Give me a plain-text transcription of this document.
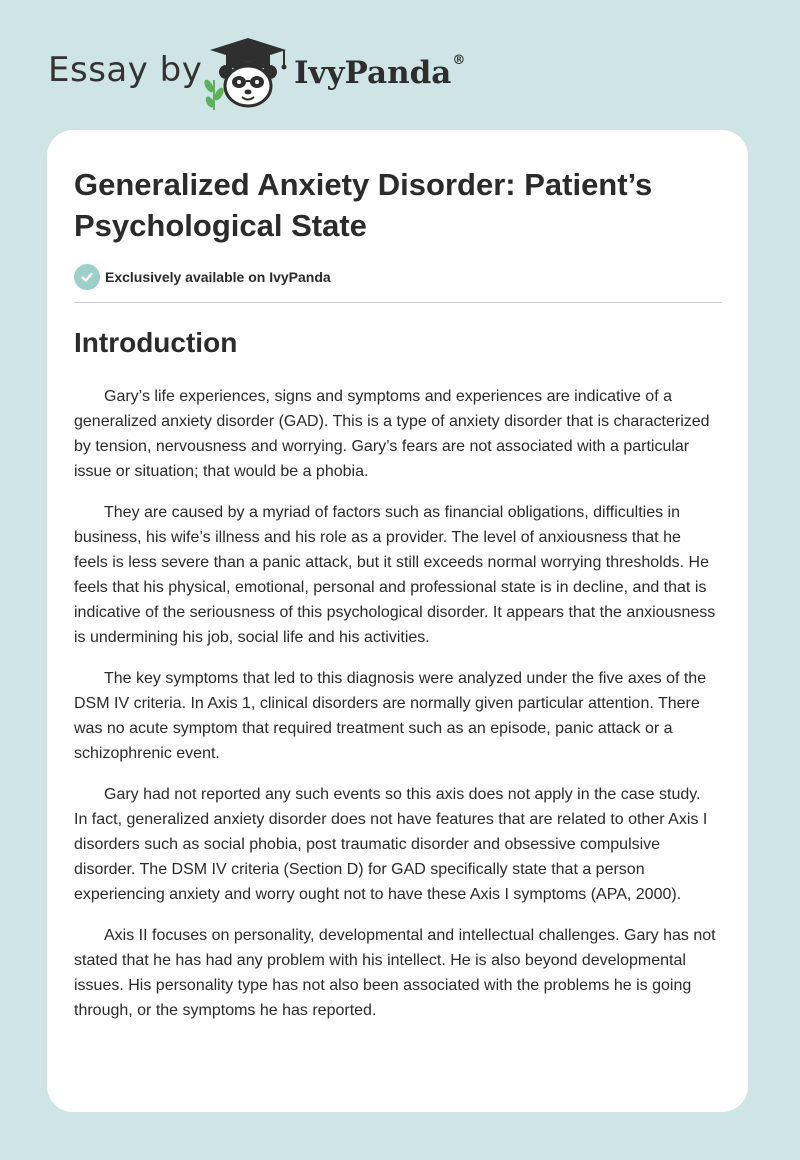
Essay by	IvyPanda®
Generalized Anxiety Disorder: Patient’s Psychological State
Exclusively available on IvyPanda
Introduction

Gary’s life experiences, signs and symptoms and experiences are indicative of a generalized anxiety disorder (GAD). This is a type of anxiety disorder that is characterized by tension, nervousness and worrying. Gary’s fears are not associated with a particular issue or situation; that would be a phobia.

They are caused by a myriad of factors such as financial obligations, difficulties in business, his wife’s illness and his role as a provider. The level of anxiousness that he feels is less severe than a panic attack, but it still exceeds normal worrying thresholds. He feels that his physical, emotional, personal and professional state is in decline, and that is indicative of the seriousness of this psychological disorder. It appears that the anxiousness is undermining his job, social life and his activities.

The key symptoms that led to this diagnosis were analyzed under the five axes of the DSM IV criteria. In Axis 1, clinical disorders are normally given particular attention. There was no acute symptom that required treatment such as an episode, panic attack or a schizophrenic event.

Gary had not reported any such events so this axis does not apply in the case study. In fact, generalized anxiety disorder does not have features that are related to other Axis I disorders such as social phobia, post traumatic disorder and obsessive compulsive disorder. The DSM IV criteria (Section D) for GAD specifically state that a person experiencing anxiety and worry ought not to have these Axis I symptoms (APA, 2000).

Axis II focuses on personality, developmental and intellectual challenges. Gary has not stated that he has had any problem with his intellect. He is also beyond developmental issues. His personality type has not also been associated with the problems he is going through, or the symptoms he has reported.
